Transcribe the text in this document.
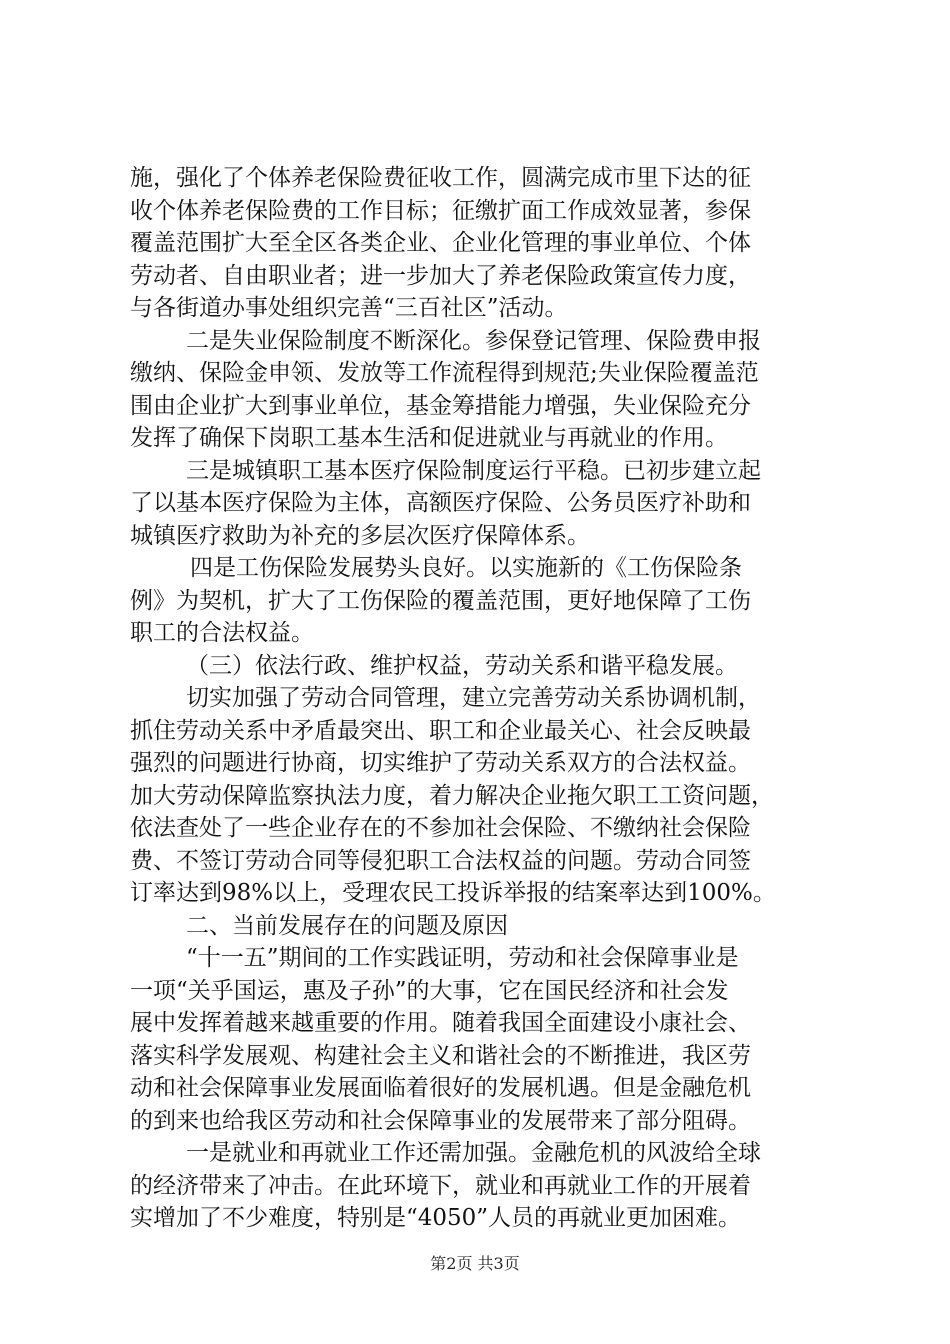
施，强化了个体养老保险费征收工作，圆满完成市里下达的征
收个体养老保险费的工作目标；征缴扩面工作成效显著，参保
覆盖范围扩大至全区各类企业、企业化管理的事业单位、个体
劳动者、自由职业者；进一步加大了养老保险政策宣传力度，
与各街道办事处组织完善“三百社区”活动。
二是失业保险制度不断深化。参保登记管理、保险费申报
缴纳、保险金申领、发放等工作流程得到规范;失业保险覆盖范
围由企业扩大到事业单位，基金筹措能力增强，失业保险充分
发挥了确保下岗职工基本生活和促进就业与再就业的作用。
三是城镇职工基本医疗保险制度运行平稳。已初步建立起
了以基本医疗保险为主体，高额医疗保险、公务员医疗补助和
城镇医疗救助为补充的多层次医疗保障体系。
四是工伤保险发展势头良好。以实施新的《工伤保险条
例》为契机，扩大了工伤保险的覆盖范围，更好地保障了工伤
职工的合法权益。
（三）依法行政、维护权益，劳动关系和谐平稳发展。
切实加强了劳动合同管理，建立完善劳动关系协调机制，
抓住劳动关系中矛盾最突出、职工和企业最关心、社会反映最
强烈的问题进行协商，切实维护了劳动关系双方的合法权益。
加大劳动保障监察执法力度，着力解决企业拖欠职工工资问题，
依法查处了一些企业存在的不参加社会保险、不缴纳社会保险
费、不签订劳动合同等侵犯职工合法权益的问题。劳动合同签
订率达到98%以上，受理农民工投诉举报的结案率达到100%。
二、当前发展存在的问题及原因
“十一五”期间的工作实践证明，劳动和社会保障事业是
一项“关乎国运，惠及子孙”的大事，它在国民经济和社会发
展中发挥着越来越重要的作用。随着我国全面建设小康社会、
落实科学发展观、构建社会主义和谐社会的不断推进，我区劳
动和社会保障事业发展面临着很好的发展机遇。但是金融危机
的到来也给我区劳动和社会保障事业的发展带来了部分阻碍。
一是就业和再就业工作还需加强。金融危机的风波给全球
的经济带来了冲击。在此环境下，就业和再就业工作的开展着
实增加了不少难度，特别是“4050”人员的再就业更加困难。
第2页 共3页
